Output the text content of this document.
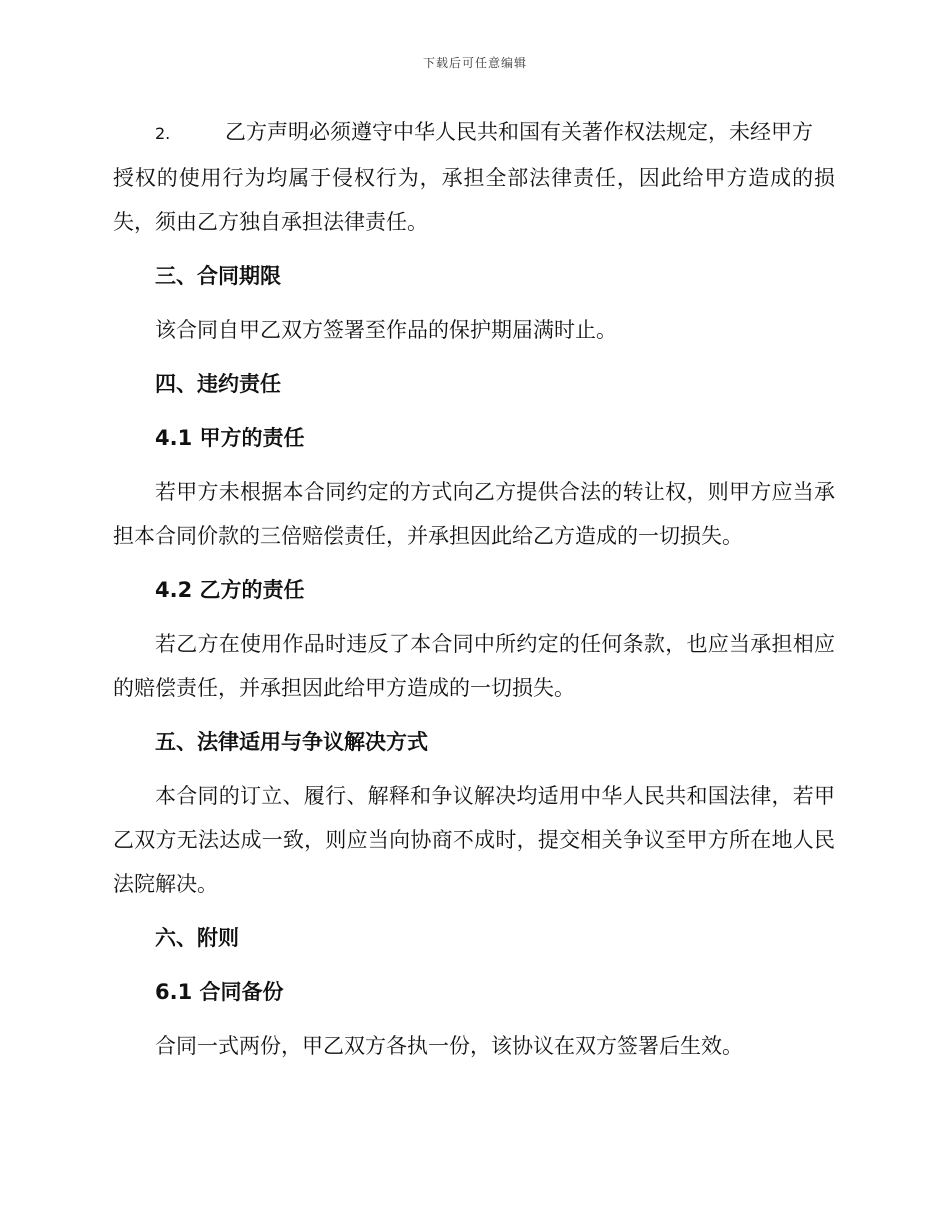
下载后可任意编辑
2.	乙方声明必须遵守中华人民共和国有关著作权法规定，未经甲方
授权的使用行为均属于侵权行为，承担全部法律责任，因此给甲方造成的损失，须由乙方独自承担法律责任。
三、合同期限
该合同自甲乙双方签署至作品的保护期届满时止。
四、违约责任
4.1 甲方的责任
若甲方未根据本合同约定的方式向乙方提供合法的转让权，则甲方应当承担本合同价款的三倍赔偿责任，并承担因此给乙方造成的一切损失。
4.2 乙方的责任
若乙方在使用作品时违反了本合同中所约定的任何条款，也应当承担相应的赔偿责任，并承担因此给甲方造成的一切损失。
五、法律适用与争议解决方式
本合同的订立、履行、解释和争议解决均适用中华人民共和国法律，若甲乙双方无法达成一致，则应当向协商不成时，提交相关争议至甲方所在地人民法院解决。
六、附则
6.1 合同备份
合同一式两份，甲乙双方各执一份，该协议在双方签署后生效。
